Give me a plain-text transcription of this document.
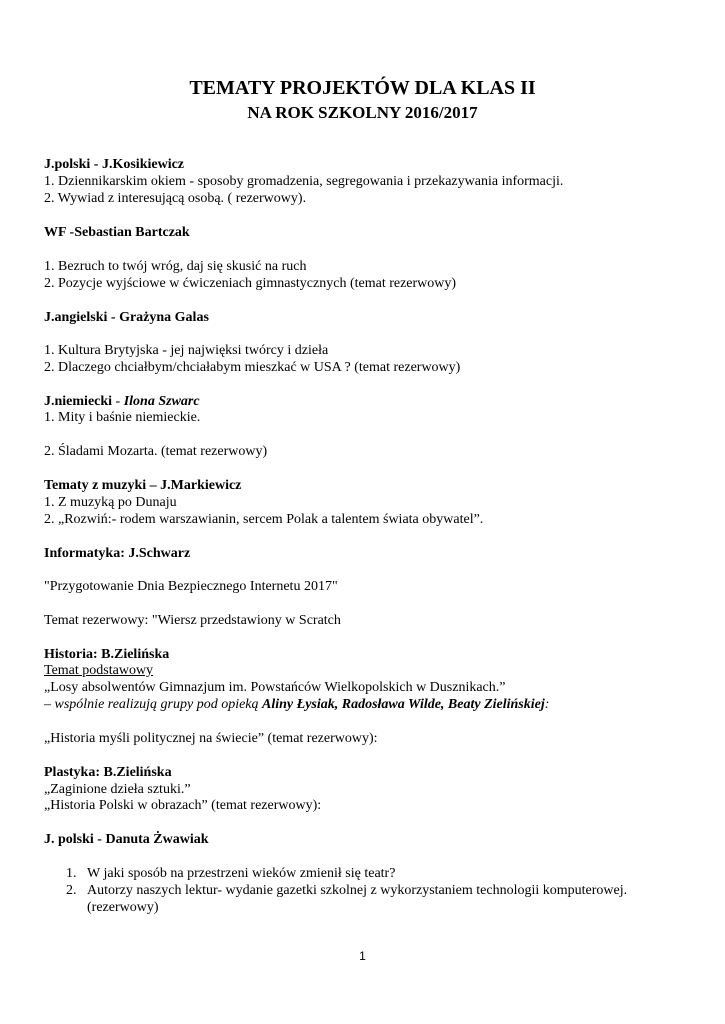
TEMATY PROJEKTÓW DLA KLAS II
NA ROK SZKOLNY 2016/2017
J.polski - J.Kosikiewicz
1. Dziennikarskim okiem - sposoby gromadzenia, segregowania i przekazywania informacji.
2. Wywiad z interesującą osobą. ( rezerwowy).
WF -Sebastian Bartczak
1. Bezruch to twój wróg, daj się skusić na ruch
2. Pozycje wyjściowe w ćwiczeniach gimnastycznych (temat rezerwowy)
J.angielski - Grażyna Galas
1. Kultura Brytyjska - jej najwięksi twórcy i dzieła
2. Dlaczego chciałbym/chciałabym mieszkać w USA ? (temat rezerwowy)
J.niemiecki - Ilona Szwarc
1. Mity i baśnie niemieckie.
2. Śladami Mozarta. (temat rezerwowy)
Tematy z muzyki – J.Markiewicz
1. Z muzyką po Dunaju
2. „Rozwiń:- rodem warszawianin, sercem Polak a talentem świata obywatel”.
Informatyka: J.Schwarz
"Przygotowanie Dnia Bezpiecznego Internetu 2017"
Temat rezerwowy: "Wiersz przedstawiony w Scratch
Historia: B.Zielińska
Temat podstawowy
„Losy absolwentów Gimnazjum im. Powstańców Wielkopolskich w Dusznikach.”
– wspólnie realizują grupy pod opieką Aliny Łysiak, Radosława Wilde, Beaty Zielińskiej:
„Historia myśli politycznej na świecie” (temat rezerwowy):
Plastyka: B.Zielińska
„Zaginione dzieła sztuki.”
„Historia Polski w obrazach” (temat rezerwowy):
J. polski - Danuta Żwawiak
1. W jaki sposób na przestrzeni wieków zmienił się teatr?
2. Autorzy naszych lektur- wydanie gazetki szkolnej z wykorzystaniem technologii komputerowej.
(rezerwowy)
1
